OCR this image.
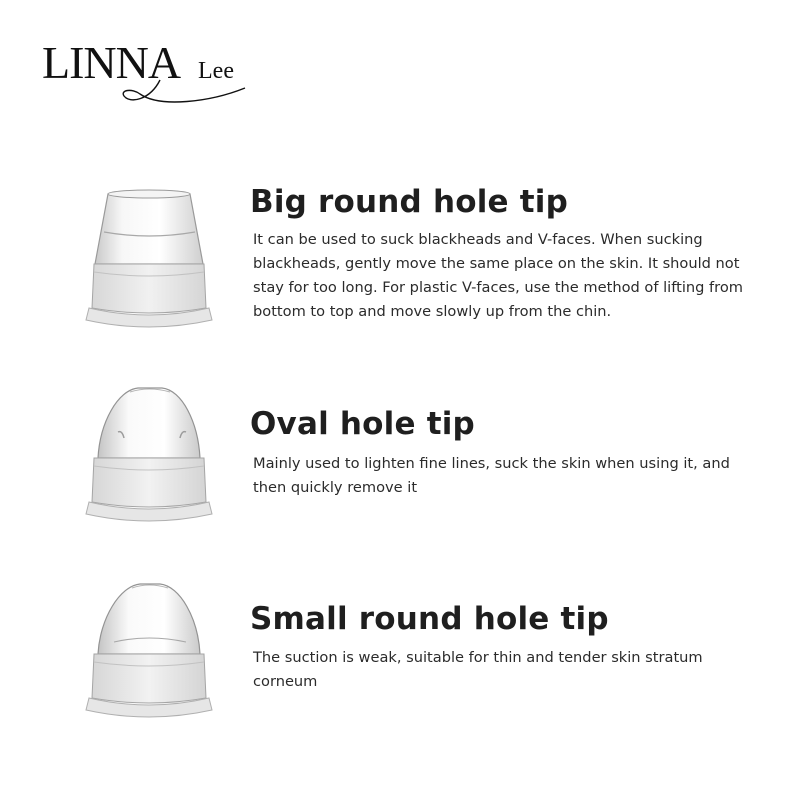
LINNA Lee
Big round hole tip

It can be used to suck blackheads and V-faces. When sucking blackheads, gently move the same place on the skin. It should not stay for too long. For plastic V-faces, use the method of lifting from bottom to top and move slowly up from the chin.

Oval hole tip

Mainly used to lighten fine lines, suck the skin when using it, and then quickly remove it

Small round hole tip

The suction is weak, suitable for thin and tender skin stratum corneum
